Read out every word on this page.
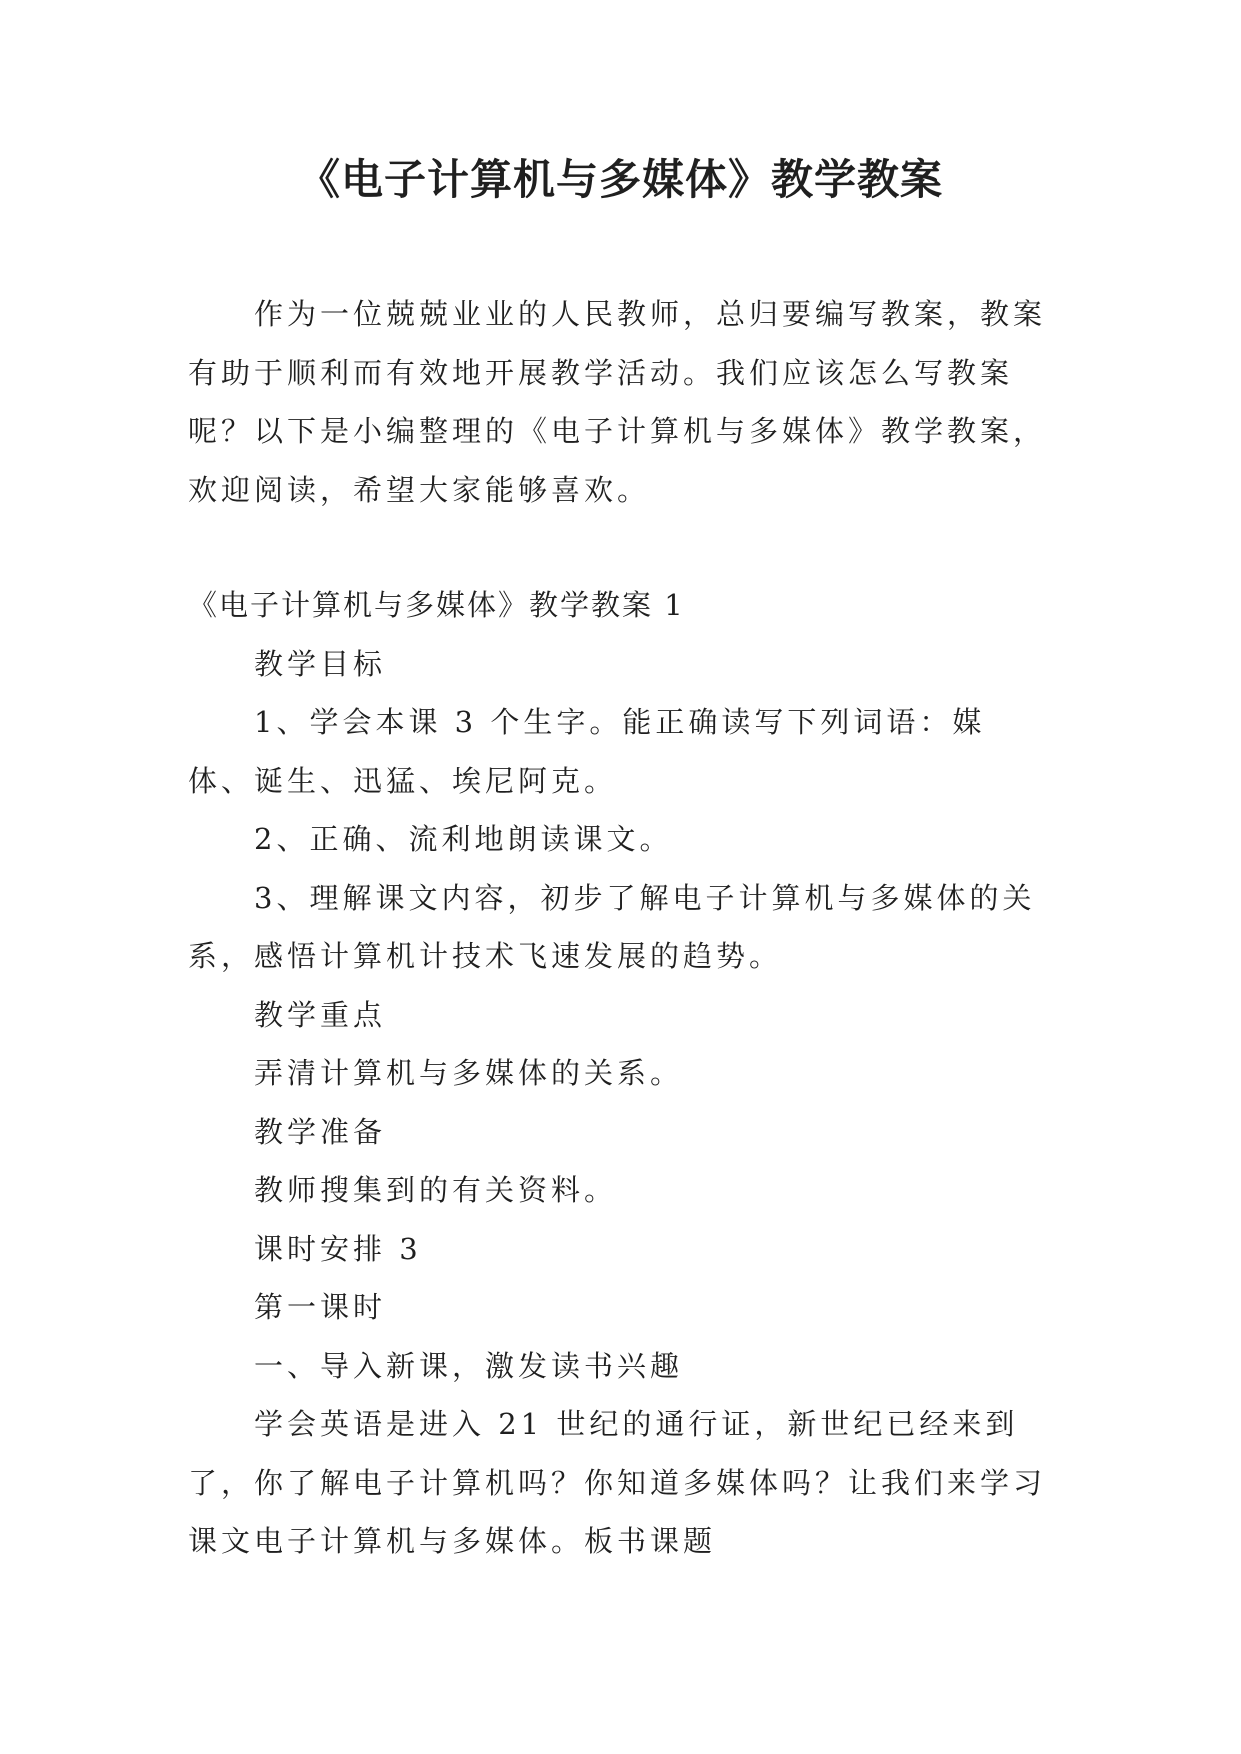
《电子计算机与多媒体》教学教案

作为一位兢兢业业的人民教师，总归要编写教案，教案有助于顺利而有效地开展教学活动。我们应该怎么写教案呢？以下是小编整理的《电子计算机与多媒体》教学教案，欢迎阅读，希望大家能够喜欢。

《电子计算机与多媒体》教学教案 1

教学目标

1、学会本课 3 个生字。能正确读写下列词语：媒体、诞生、迅猛、埃尼阿克。

2、正确、流利地朗读课文。

3、理解课文内容，初步了解电子计算机与多媒体的关系，感悟计算机计技术飞速发展的趋势。

教学重点

弄清计算机与多媒体的关系。

教学准备

教师搜集到的有关资料。

课时安排 3

第一课时

一、导入新课，激发读书兴趣

学会英语是进入 21 世纪的通行证，新世纪已经来到了，你了解电子计算机吗？你知道多媒体吗？让我们来学习课文电子计算机与多媒体。板书课题
